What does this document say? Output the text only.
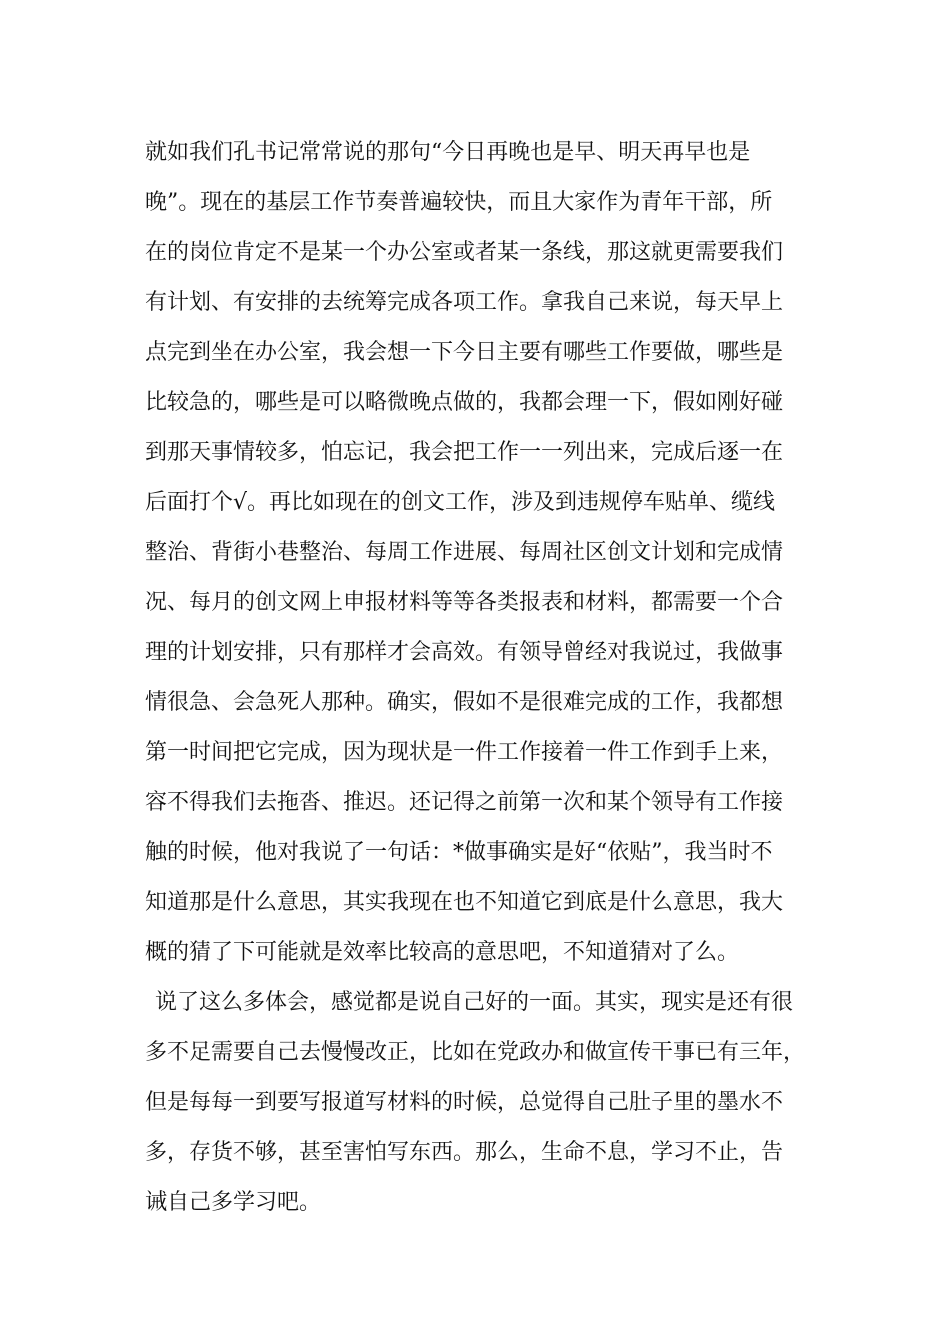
就如我们孔书记常常说的那句“今日再晚也是早、明天再早也是
晚”。现在的基层工作节奏普遍较快，而且大家作为青年干部，所
在的岗位肯定不是某一个办公室或者某一条线，那这就更需要我们
有计划、有安排的去统筹完成各项工作。拿我自己来说，每天早上
点完到坐在办公室，我会想一下今日主要有哪些工作要做，哪些是
比较急的，哪些是可以略微晚点做的，我都会理一下，假如刚好碰
到那天事情较多，怕忘记，我会把工作一一列出来，完成后逐一在
后面打个√。再比如现在的创文工作，涉及到违规停车贴单、缆线
整治、背街小巷整治、每周工作进展、每周社区创文计划和完成情
况、每月的创文网上申报材料等等各类报表和材料，都需要一个合
理的计划安排，只有那样才会高效。有领导曾经对我说过，我做事
情很急、会急死人那种。确实，假如不是很难完成的工作，我都想
第一时间把它完成，因为现状是一件工作接着一件工作到手上来，
容不得我们去拖沓、推迟。还记得之前第一次和某个领导有工作接
触的时候，他对我说了一句话：*做事确实是好“依贴”，我当时不
知道那是什么意思，其实我现在也不知道它到底是什么意思，我大
概的猜了下可能就是效率比较高的意思吧，不知道猜对了么。
说了这么多体会，感觉都是说自己好的一面。其实，现实是还有很
多不足需要自己去慢慢改正，比如在党政办和做宣传干事已有三年，
但是每每一到要写报道写材料的时候，总觉得自己肚子里的墨水不
多，存货不够，甚至害怕写东西。那么，生命不息，学习不止，告
诫自己多学习吧。
